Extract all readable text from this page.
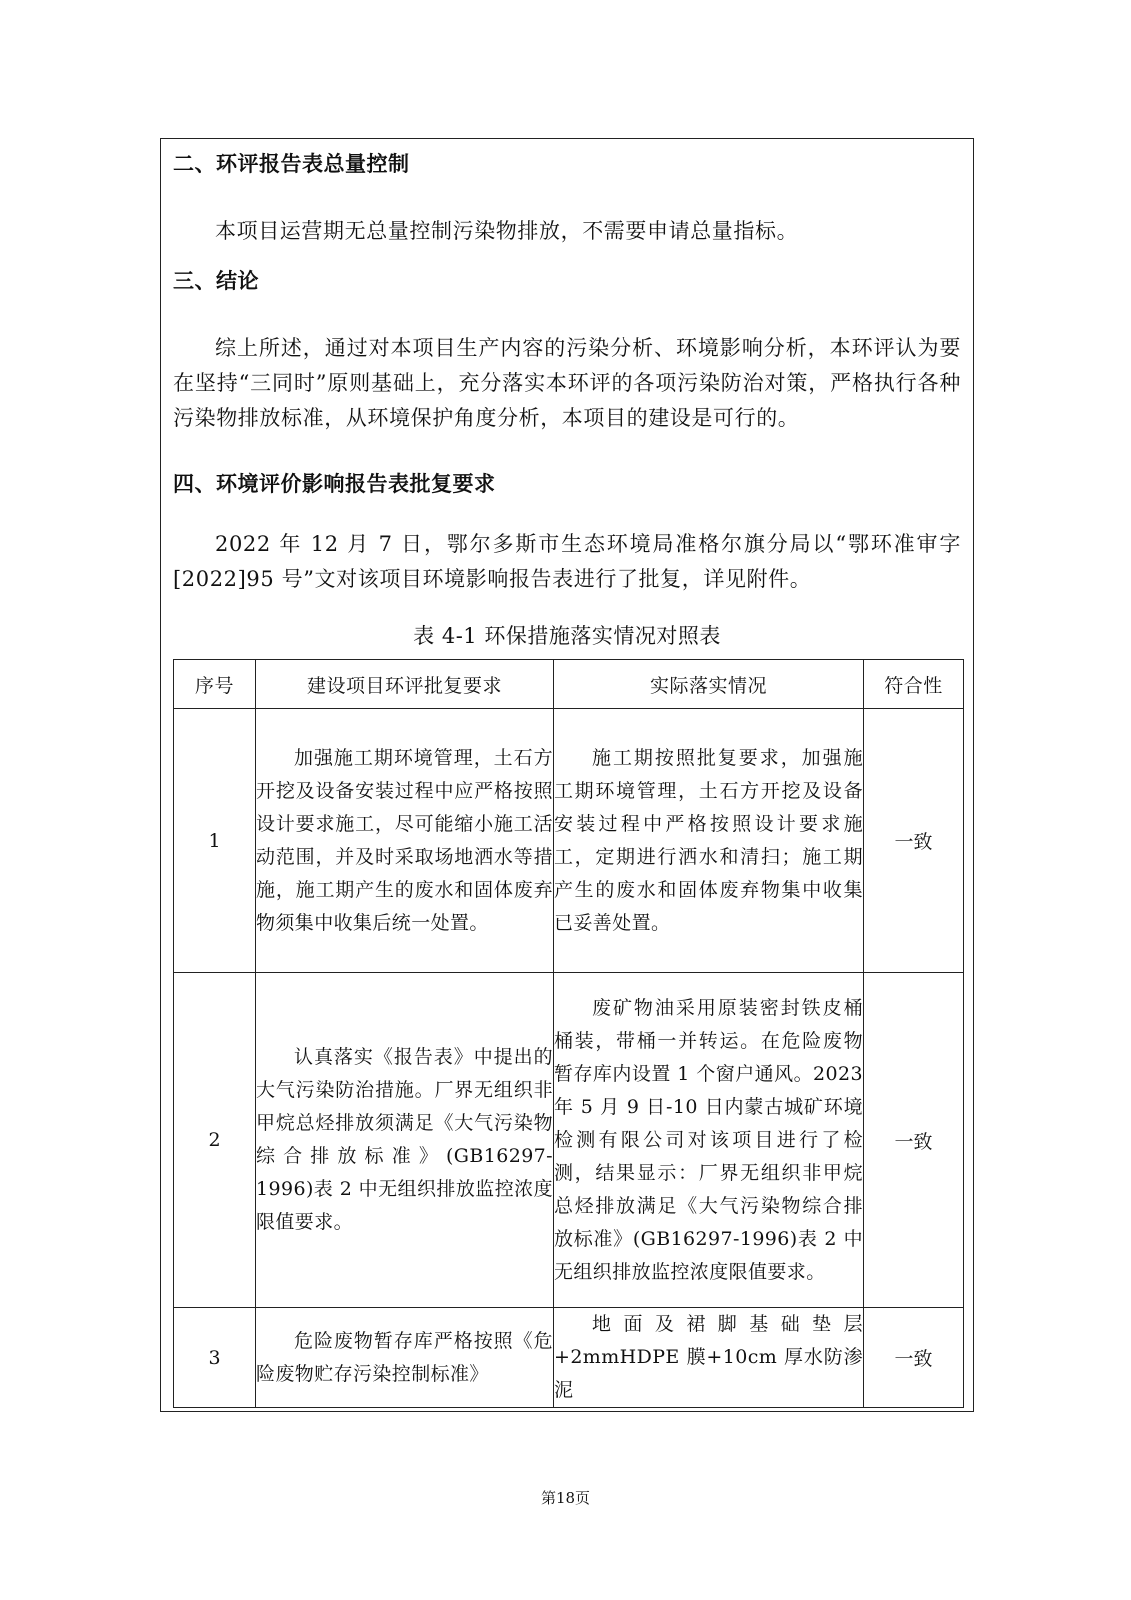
二、环评报告表总量控制

本项目运营期无总量控制污染物排放，不需要申请总量指标。

三、结论

综上所述，通过对本项目生产内容的污染分析、环境影响分析，本环评认为要在坚持“三同时”原则基础上，充分落实本环评的各项污染防治对策，严格执行各种污染物排放标准，从环境保护角度分析，本项目的建设是可行的。

四、环境评价影响报告表批复要求

2022 年 12 月 7 日，鄂尔多斯市生态环境局准格尔旗分局以“鄂环准审字[2022]95 号”文对该项目环境影响报告表进行了批复，详见附件。

表 4-1 环保措施落实情况对照表

序号	建设项目环评批复要求	实际落实情况	符合性
1	加强施工期环境管理，土石方开挖及设备安装过程中应严格按照设计要求施工，尽可能缩小施工活动范围，并及时采取场地洒水等措施，施工期产生的废水和固体废弃物须集中收集后统一处置。	施工期按照批复要求，加强施工期环境管理，土石方开挖及设备安装过程中严格按照设计要求施工，定期进行洒水和清扫；施工期产生的废水和固体废弃物集中收集已妥善处置。	一致
2	认真落实《报告表》中提出的大气污染防治措施。厂界无组织非甲烷总烃排放须满足《大气污染物综合排放标准》(GB16297-1996)表 2 中无组织排放监控浓度限值要求。	废矿物油采用原装密封铁皮桶桶装，带桶一并转运。在危险废物暂存库内设置 1 个窗户通风。2023 年 5 月 9 日-10 日内蒙古城矿环境检测有限公司对该项目进行了检测，结果显示：厂界无组织非甲烷总烃排放满足《大气污染物综合排放标准》(GB16297-1996)表 2 中无组织排放监控浓度限值要求。	一致
3	危险废物暂存库严格按照《危险废物贮存污染控制标准》	地面及裙脚基础垫层+2mmHDPE 膜+10cm 厚水防渗泥	一致
第18页
